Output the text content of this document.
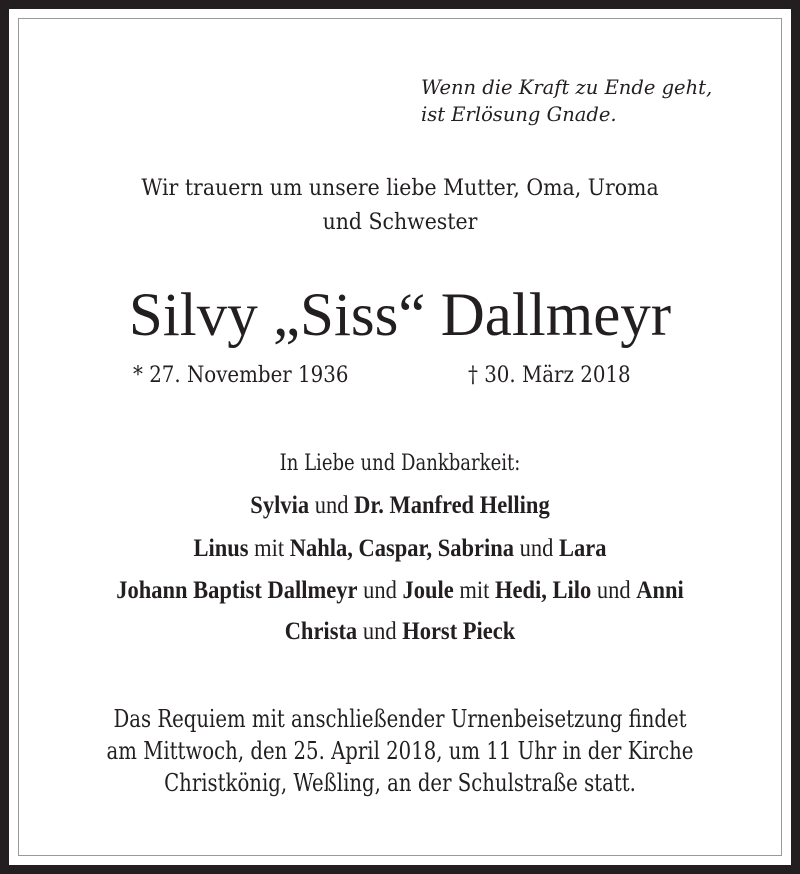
Wenn die Kraft zu Ende geht,
ist Erlösung Gnade.
Wir trauern um unsere liebe Mutter, Oma, Uroma
und Schwester
Silvy „Siss“ Dallmeyr
* 27. November 1936	† 30. März 2018
In Liebe und Dankbarkeit:
Sylvia und Dr. Manfred Helling
Linus mit Nahla, Caspar, Sabrina und Lara
Johann Baptist Dallmeyr und Joule mit Hedi, Lilo und Anni
Christa und Horst Pieck
Das Requiem mit anschließender Urnenbeisetzung findet
am Mittwoch, den 25. April 2018, um 11 Uhr in der Kirche
Christkönig, Weßling, an der Schulstraße statt.
